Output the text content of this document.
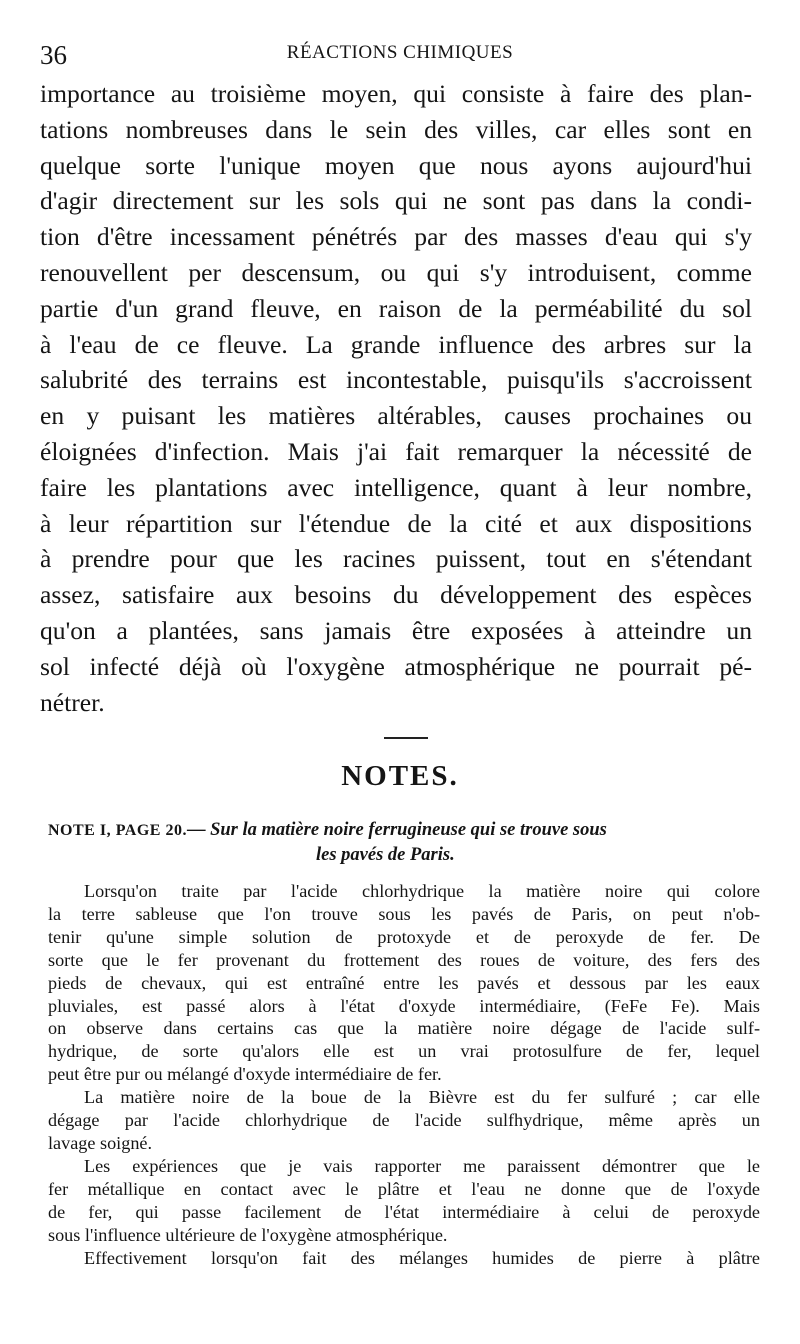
36	RÉACTIONS CHIMIQUES
importance au troisième moyen, qui consiste à faire des plan-
tations nombreuses dans le sein des villes, car elles sont en
quelque sorte l'unique moyen que nous ayons aujourd'hui
d'agir directement sur les sols qui ne sont pas dans la condi-
tion d'être incessament pénétrés par des masses d'eau qui s'y
renouvellent per descensum, ou qui s'y introduisent, comme
partie d'un grand fleuve, en raison de la perméabilité du sol
à l'eau de ce fleuve. La grande influence des arbres sur la
salubrité des terrains est incontestable, puisqu'ils s'accroissent
en y puisant les matières altérables, causes prochaines ou
éloignées d'infection. Mais j'ai fait remarquer la nécessité de
faire les plantations avec intelligence, quant à leur nombre,
à leur répartition sur l'étendue de la cité et aux dispositions
à prendre pour que les racines puissent, tout en s'étendant
assez, satisfaire aux besoins du développement des espèces
qu'on a plantées, sans jamais être exposées à atteindre un
sol infecté déjà où l'oxygène atmosphérique ne pourrait pé-
nétrer.
NOTES.
NOTE I, PAGE 20.— Sur la matière noire ferrugineuse qui se trouve sous
les pavés de Paris.
Lorsqu'on traite par l'acide chlorhydrique la matière noire qui colore
la terre sableuse que l'on trouve sous les pavés de Paris, on peut n'ob-
tenir qu'une simple solution de protoxyde et de peroxyde de fer. De
sorte que le fer provenant du frottement des roues de voiture, des fers des
pieds de chevaux, qui est entraîné entre les pavés et dessous par les eaux
pluviales, est passé alors à l'état d'oxyde intermédiaire, (FeFe Fe). Mais
on observe dans certains cas que la matière noire dégage de l'acide sulf-
hydrique, de sorte qu'alors elle est un vrai protosulfure de fer, lequel
peut être pur ou mélangé d'oxyde intermédiaire de fer.
La matière noire de la boue de la Bièvre est du fer sulfuré ; car elle
dégage par l'acide chlorhydrique de l'acide sulfhydrique, même après un
lavage soigné.
Les expériences que je vais rapporter me paraissent démontrer que le
fer métallique en contact avec le plâtre et l'eau ne donne que de l'oxyde
de fer, qui passe facilement de l'état intermédiaire à celui de peroxyde
sous l'influence ultérieure de l'oxygène atmosphérique.
Effectivement lorsqu'on fait des mélanges humides de pierre à plâtre
